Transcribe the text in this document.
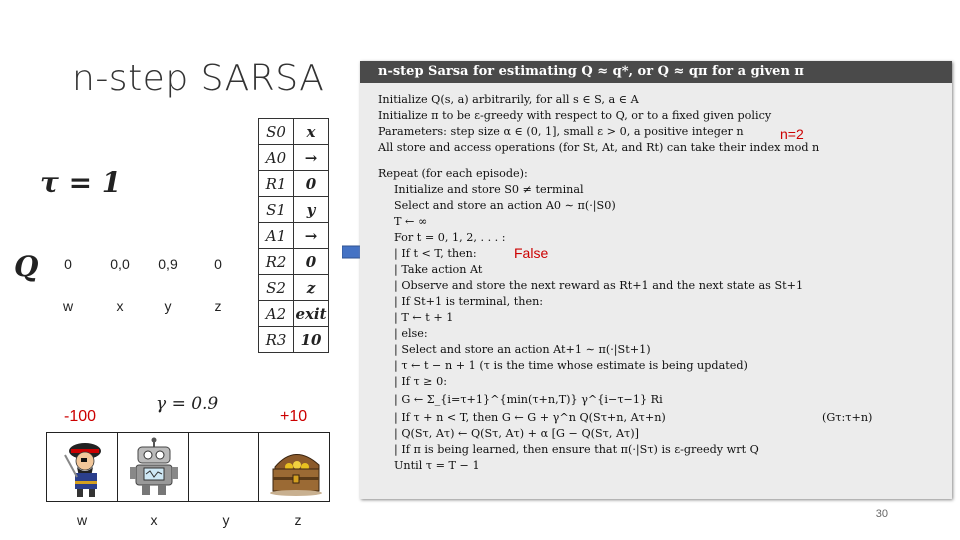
n-step SARSA
τ = 1
Q	0	0,0	0,9	0
w	x	y	z
γ = 0.9
-100	+10
w	x	y	z
S0	x
A0	→
R1	0
S1	y
A1	→
R2	0
S2	z
A2	exit
R3	10
n-step Sarsa for estimating Q ≈ q*, or Q ≈ qπ for a given π
Initialize Q(s, a) arbitrarily, for all s ∈ S, a ∈ A
Initialize π to be ε-greedy with respect to Q, or to a fixed given policy
Parameters: step size α ∈ (0, 1], small ε > 0, a positive integer n
All store and access operations (for St, At, and Rt) can take their index mod n
Repeat (for each episode):
Initialize and store S0 ≠ terminal
Select and store an action A0 ∼ π(·|S0)
T ← ∞
For t = 0, 1, 2, . . . :
| If t < T, then:
| Take action At
| Observe and store the next reward as Rt+1 and the next state as St+1
| If St+1 is terminal, then:
| T ← t + 1
| else:
| Select and store an action At+1 ∼ π(·|St+1)
| τ ← t − n + 1 (τ is the time whose estimate is being updated)
| If τ ≥ 0:
| G ← Σ_{i=τ+1}^{min(τ+n,T)} γ^{i−τ−1} Ri
| If τ + n < T, then G ← G + γ^n Q(Sτ+n, Aτ+n)
| Q(Sτ, Aτ) ← Q(Sτ, Aτ) + α [G − Q(Sτ, Aτ)]
| If π is being learned, then ensure that π(·|Sτ) is ε-greedy wrt Q
Until τ = T − 1
(Gτ:τ+n)
n=2
False
30
